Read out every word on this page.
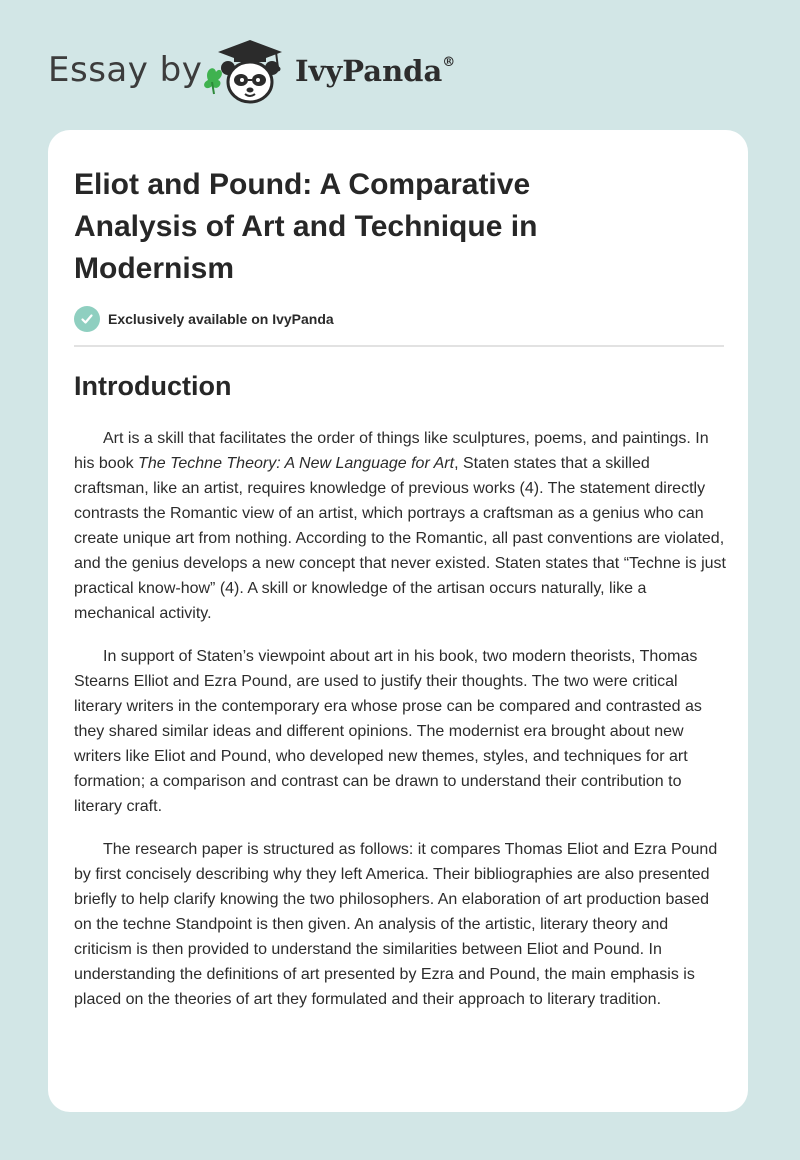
Essay by	IvyPanda®
Eliot and Pound: A Comparative Analysis of Art and Technique in Modernism
Exclusively available on IvyPanda
Introduction

Art is a skill that facilitates the order of things like sculptures, poems, and paintings. In his book The Techne Theory: A New Language for Art, Staten states that a skilled craftsman, like an artist, requires knowledge of previous works (4). The statement directly contrasts the Romantic view of an artist, which portrays a craftsman as a genius who can create unique art from nothing. According to the Romantic, all past conventions are violated, and the genius develops a new concept that never existed. Staten states that “Techne is just practical know-how” (4). A skill or knowledge of the artisan occurs naturally, like a mechanical activity.

In support of Staten’s viewpoint about art in his book, two modern theorists, Thomas Stearns Elliot and Ezra Pound, are used to justify their thoughts. The two were critical literary writers in the contemporary era whose prose can be compared and contrasted as they shared similar ideas and different opinions. The modernist era brought about new writers like Eliot and Pound, who developed new themes, styles, and techniques for art formation; a comparison and contrast can be drawn to understand their contribution to literary craft.

The research paper is structured as follows: it compares Thomas Eliot and Ezra Pound by first concisely describing why they left America. Their bibliographies are also presented briefly to help clarify knowing the two philosophers. An elaboration of art production based on the techne Standpoint is then given. An analysis of the artistic, literary theory and criticism is then provided to understand the similarities between Eliot and Pound. In understanding the definitions of art presented by Ezra and Pound, the main emphasis is placed on the theories of art they formulated and their approach to literary tradition.
